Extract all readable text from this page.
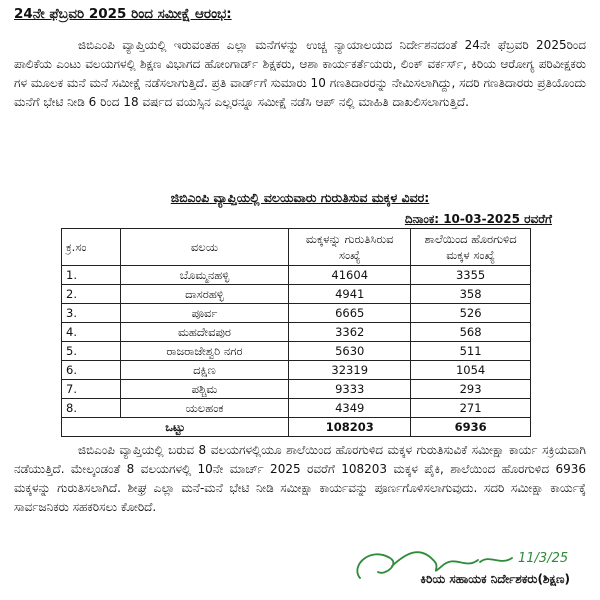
24ನೇ ಫೆಬ್ರವರಿ 2025 ರಿಂದ ಸಮೀಕ್ಷೆ ಆರಂಭ:

ಜಿಬಿಎಂಪಿ ವ್ಯಾಪ್ತಿಯಲ್ಲಿ ಇರುವಂತಹ ಎಲ್ಲಾ ಮನೆಗಳನ್ನು ಉಚ್ಚ ನ್ಯಾಯಾಲಯದ ನಿರ್ದೇಶನದಂತೆ 24ನೇ ಫೆಬ್ರವರಿ 2025ರಿಂದ ಪಾಲಿಕೆಯ ಎಂಟು ವಲಯಗಳಲ್ಲಿ ಶಿಕ್ಷಣ ವಿಭಾಗದ ಹೋಂಗಾರ್ಡ್‌ ಶಿಕ್ಷಕರು, ಆಶಾ ಕಾರ್ಯಕರ್ತೆಯರು, ಲಿಂಕ್ ವರ್ಕರ್ಸ್, ಕಿರಿಯ ಆರೋಗ್ಯ ಪರಿವೀಕ್ಷಕರು ಗಳ ಮೂಲಕ ಮನೆ ಮನೆ ಸಮೀಕ್ಷೆ ನಡೆಸಲಾಗುತ್ತಿದೆ. ಪ್ರತಿ ವಾರ್ಡ್‌ಗೆ ಸುಮಾರು 10 ಗಣತಿದಾರರನ್ನು ನೇಮಿಸಲಾಗಿದ್ದು, ಸದರಿ ಗಣತಿದಾರರು ಪ್ರತಿಯೊಂದು ಮನೆಗೆ ಭೇಟಿ ನೀಡಿ 6 ರಿಂದ 18 ವರ್ಷದ ವಯಸ್ಸಿನ ಎಲ್ಲರನ್ನೂ ಸಮೀಕ್ಷೆ ನಡೆಸಿ ಆಪ್ ನಲ್ಲಿ ಮಾಹಿತಿ ದಾಖಲಿಸಲಾಗುತ್ತಿದೆ.

ಜಿಬಿಎಂಪಿ ವ್ಯಾಪ್ತಿಯಲ್ಲಿ ವಲಯವಾರು ಗುರುತಿಸುವ ಮಕ್ಕಳ ವಿವರ:
ದಿನಾಂಕ: 10-03-2025 ರವರೆಗೆ
ಕ್ರ.ಸಂ	ವಲಯ	ಮಕ್ಕಳನ್ನು ಗುರುತಿಸಿರುವ ಸಂಖ್ಯೆ	ಶಾಲೆಯಿಂದ ಹೊರಗುಳಿದ ಮಕ್ಕಳ ಸಂಖ್ಯೆ
1.	ಬೊಮ್ಮನಹಳ್ಳಿ	41604	3355
2.	ದಾಸರಹಳ್ಳಿ	4941	358
3.	ಪೂರ್ವ	6665	526
4.	ಮಹದೇವಪುರ	3362	568
5.	ರಾಜರಾಜೇಶ್ವರಿ ನಗರ	5630	511
6.	ದಕ್ಷಿಣ	32319	1054
7.	ಪಶ್ಚಿಮ	9333	293
8.	ಯಲಹಂಕ	4349	271
ಒಟ್ಟು		108203	6936

ಜಿಬಿಎಂಪಿ ವ್ಯಾಪ್ತಿಯಲ್ಲಿ ಬರುವ 8 ವಲಯಗಳಲ್ಲಿಯೂ ಶಾಲೆಯಿಂದ ಹೊರಗುಳಿದ ಮಕ್ಕಳ ಗುರುತಿಸುವಿಕೆ ಸಮೀಕ್ಷಾ ಕಾರ್ಯ ಸಕ್ರಿಯವಾಗಿ ನಡೆಯುತ್ತಿದೆ. ಮೇಲ್ಕಂಡಂತೆ 8 ವಲಯಗಳಲ್ಲಿ 10ನೇ ಮಾರ್ಚ್ 2025 ರವರೆಗೆ 108203 ಮಕ್ಕಳ ಪೈಕಿ, ಶಾಲೆಯಿಂದ ಹೊರಗುಳಿದ 6936 ಮಕ್ಕಳನ್ನು ಗುರುತಿಸಲಾಗಿದೆ. ಶೀಘ್ರ ಎಲ್ಲಾ ಮನೆ-ಮನೆ ಭೇಟಿ ನೀಡಿ ಸಮೀಕ್ಷಾ ಕಾರ್ಯವನ್ನು ಪೂರ್ಣಗೊಳಿಸಲಾಗುವುದು. ಸದರಿ ಸಮೀಕ್ಷಾ ಕಾರ್ಯಕ್ಕೆ ಸಾರ್ವಜನಿಕರು ಸಹಕರಿಸಲು ಕೋರಿದೆ.

11/3/25
ಕಿರಿಯ ಸಹಾಯಕ ನಿರ್ದೇಶಕರು(ಶಿಕ್ಷಣ)
